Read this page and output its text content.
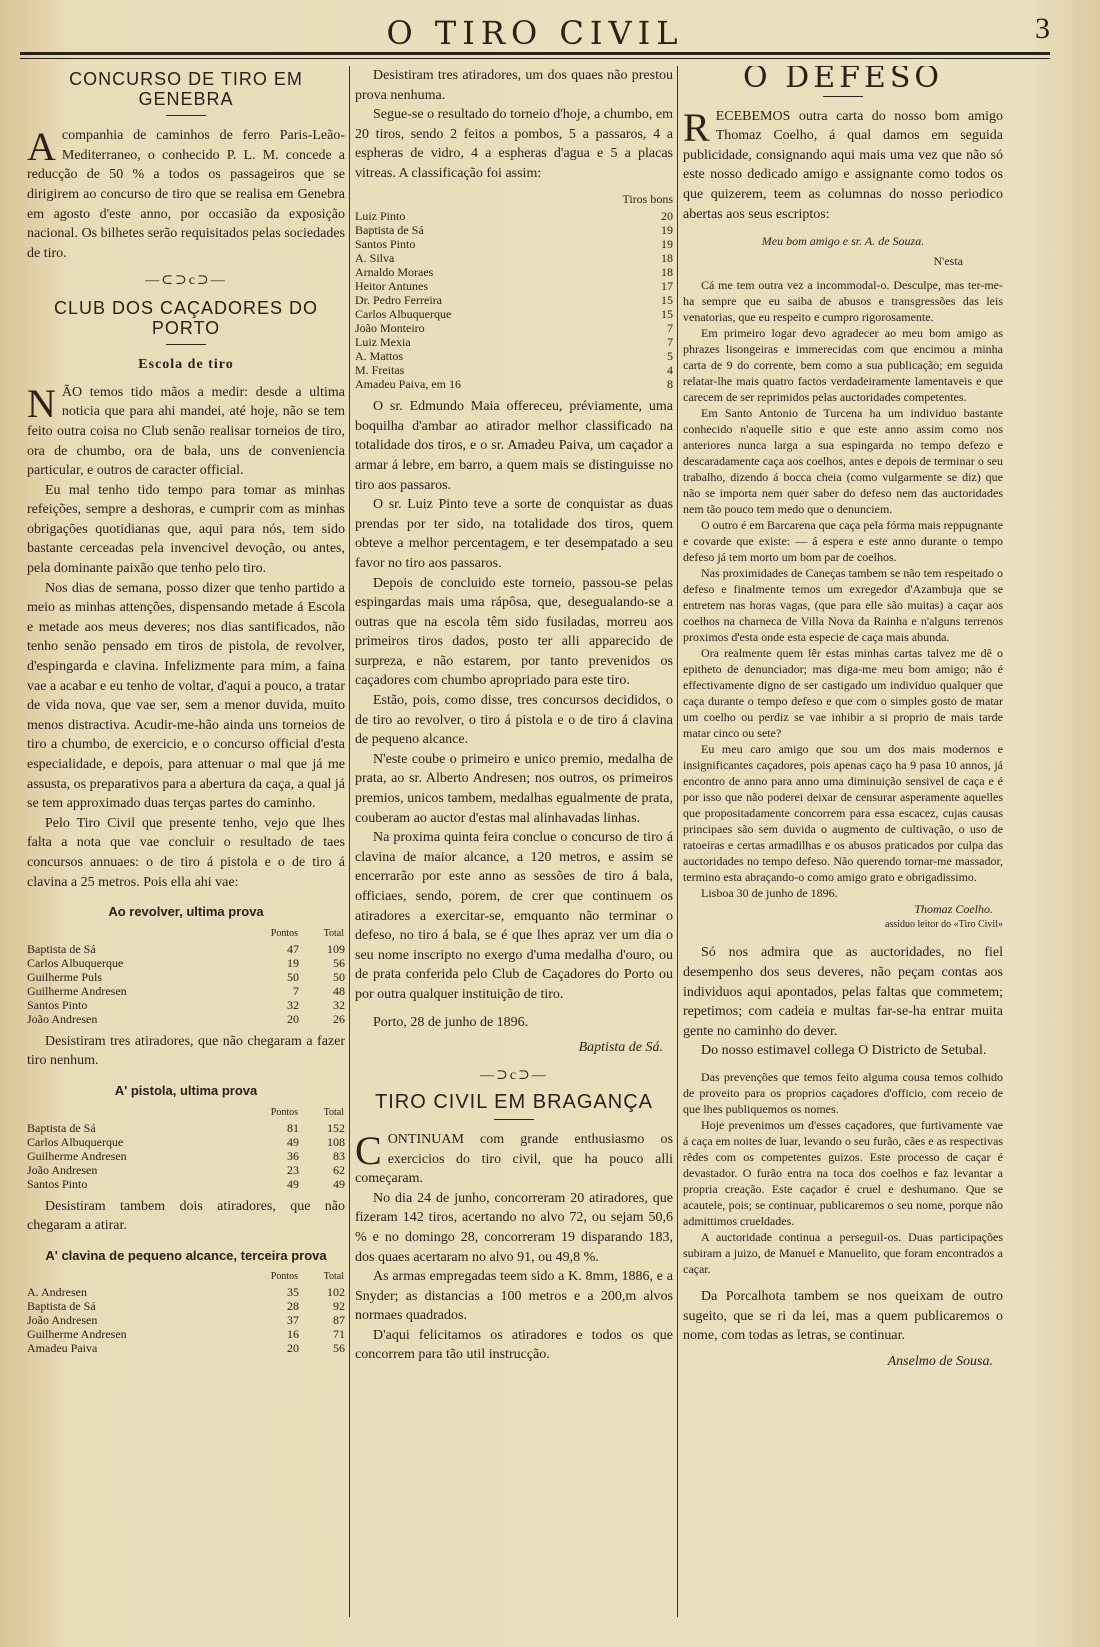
O TIRO CIVIL	3
CONCURSO DE TIRO EM GENEBRA

Acompanhia de caminhos de ferro Paris-Leão-Mediterraneo, o conhecido P. L. M. concede a reducção de 50 % a todos os passageiros que se dirigirem ao concurso de tiro que se realisa em Genebra em agosto d'este anno, por occasião da exposição nacional. Os bilhetes serão requisitados pelas sociedades de tiro.

—⊂⊃c⊃—
CLUB DOS CAÇADORES DO PORTO
Escola de tiro

NÃO temos tido mãos a medir: desde a ultima noticia que para ahi mandei, até hoje, não se tem feito outra coisa no Club senão realisar torneios de tiro, ora de chumbo, ora de bala, uns de conveniencia particular, e outros de caracter official.

Eu mal tenho tido tempo para tomar as minhas refeições, sempre a deshoras, e cumprir com as minhas obrigações quotidianas que, aqui para nós, tem sido bastante cerceadas pela invencivel devoção, ou antes, pela dominante paixão que tenho pelo tiro.

Nos dias de semana, posso dizer que tenho partido a meio as minhas attenções, dispensando metade á Escola e metade aos meus deveres; nos dias santificados, não tenho senão pensado em tiros de pistola, de revolver, d'espingarda e clavina. Infelizmente para mim, a faina vae a acabar e eu tenho de voltar, d'aqui a pouco, a tratar de vida nova, que vae ser, sem a menor duvida, muito menos distractiva. Acudir-me-hão ainda uns torneios de tiro a chumbo, de exercicio, e o concurso official d'esta especialidade, e depois, para attenuar o mal que já me assusta, os preparativos para a abertura da caça, a qual já se tem approximado duas terças partes do caminho.

Pelo Tiro Civil que presente tenho, vejo que lhes falta a nota que vae concluir o resultado de taes concursos annuaes: o de tiro á pistola e o de tiro á clavina a 25 metros. Pois ella ahi vae:

Ao revolver, ultima prova
	Pontos	Total
Baptista de Sá	47	109
Carlos Albuquerque	19	56
Guilherme Puls	50	50
Guilherme Andresen	7	48
Santos Pinto	32	32
João Andresen	20	26

Desistiram tres atiradores, que não chegaram a fazer tiro nenhum.

A' pistola, ultima prova
	Pontos	Total
Baptista de Sá	81	152
Carlos Albuquerque	49	108
Guilherme Andresen	36	83
João Andresen	23	62
Santos Pinto	49	49

Desistiram tambem dois atiradores, que não chegaram a atirar.

A' clavina de pequeno alcance, terceira prova
	Pontos	Total
A. Andresen	35	102
Baptista de Sá	28	92
João Andresen	37	87
Guilherme Andresen	16	71
Amadeu Paiva	20	56

Desistiram tres atiradores, um dos quaes não prestou prova nenhuma.

Segue-se o resultado do torneio d'hoje, a chumbo, em 20 tiros, sendo 2 feitos a pombos, 5 a passaros, 4 a espheras de vidro, 4 a espheras d'agua e 5 a placas vitreas. A classificação foi assim:

Tiros bons
Luiz Pinto	20
Baptista de Sá	19
Santos Pinto	19
A. Silva	18
Arnaldo Moraes	18
Heitor Antunes	17
Dr. Pedro Ferreira	15
Carlos Albuquerque	15
João Monteiro	7
Luiz Mexia	7
A. Mattos	5
M. Freitas	4
Amadeu Paiva, em 16	8

O sr. Edmundo Maia offereceu, préviamente, uma boquilha d'ambar ao atirador melhor classificado na totalidade dos tiros, e o sr. Amadeu Paiva, um caçador a armar á lebre, em barro, a quem mais se distinguisse no tiro aos passaros.

O sr. Luiz Pinto teve a sorte de conquistar as duas prendas por ter sido, na totalidade dos tiros, quem obteve a melhor percentagem, e ter desempatado a seu favor no tiro aos passaros.

Depois de concluido este torneio, passou-se pelas espingardas mais uma rápôsa, que, desegualando-se a outras que na escola têm sido fusiladas, morreu aos primeiros tiros dados, posto ter alli apparecido de surpreza, e não estarem, por tanto prevenidos os caçadores com chumbo apropriado para este tiro.

Estão, pois, como disse, tres concursos decididos, o de tiro ao revolver, o tiro á pistola e o de tiro á clavina de pequeno alcance.

N'este coube o primeiro e unico premio, medalha de prata, ao sr. Alberto Andresen; nos outros, os primeiros premios, unicos tambem, medalhas egualmente de prata, couberam ao auctor d'estas mal alinhavadas linhas.

Na proxima quinta feira conclue o concurso de tiro á clavina de maior alcance, a 120 metros, e assim se encerrarão por este anno as sessões de tiro á bala, officiaes, sendo, porem, de crer que continuem os atiradores a exercitar-se, emquanto não terminar o defeso, no tiro á bala, se é que lhes apraz ver um dia o seu nome inscripto no exergo d'uma medalha d'ouro, ou de prata conferida pelo Club de Caçadores do Porto ou por outra qualquer instituição de tiro.

Porto, 28 de junho de 1896.

Baptista de Sá.
—⊃c⊃—
TIRO CIVIL EM BRAGANÇA

CONTINUAM com grande enthusiasmo os exercicios do tiro civil, que ha pouco alli começaram.

No dia 24 de junho, concorreram 20 atiradores, que fizeram 142 tiros, acertando no alvo 72, ou sejam 50,6 % e no domingo 28, concorreram 19 disparando 183, dos quaes acertaram no alvo 91, ou 49,8 %.

As armas empregadas teem sido a K. 8mm, 1886, e a Snyder; as distancias a 100 metros e a 200,m alvos normaes quadrados.

D'aqui felicitamos os atiradores e todos os que concorrem para tão util instrucção.

O DEFESO

RECEBEMOS outra carta do nosso bom amigo Thomaz Coelho, á qual damos em seguida publicidade, consignando aqui mais uma vez que não só este nosso dedicado amigo e assignante como todos os que quizerem, teem as columnas do nosso periodico abertas aos seus escriptos:

Meu bom amigo e sr. A. de Souza.
N'esta

Cá me tem outra vez a incommodal-o. Desculpe, mas ter-me-ha sempre que eu saiba de abusos e transgressões das leis venatorias, que eu respeito e cumpro rigorosamente.

Em primeiro logar devo agradecer ao meu bom amigo as phrazes lisongeiras e immerecidas com que encimou a minha carta de 9 do corrente, bem como a sua publicação; em seguida relatar-lhe mais quatro factos verdadeiramente lamentaveis e que carecem de ser reprimidos pelas auctoridades competentes.

Em Santo Antonio de Turcena ha um individuo bastante conhecido n'aquelle sitio e que este anno assim como nos anteriores nunca larga a sua espingarda no tempo defezo e descaradamente caça aos coelhos, antes e depois de terminar o seu trabalho, dizendo á bocca cheia (como vulgarmente se diz) que não se importa nem quer saber do defeso nem das auctoridades nem tão pouco tem medo que o denunciem.

O outro é em Barcarena que caça pela fórma mais reppugnante e covarde que existe: — á espera e este anno durante o tempo defeso já tem morto um bom par de coelhos.

Nas proximidades de Caneças tambem se não tem respeitado o defeso e finalmente temos um exregedor d'Azambuja que se entretem nas horas vagas, (que para elle são muitas) a caçar aos coelhos na charneca de Villa Nova da Rainha e n'alguns terrenos proximos d'esta onde esta especie de caça mais abunda.

Ora realmente quem lêr estas minhas cartas talvez me dê o epitheto de denunciador; mas diga-me meu bom amigo; não é effectivamente digno de ser castigado um individuo qualquer que caça durante o tempo defeso e que com o simples gosto de matar um coelho ou perdiz se vae inhibir a si proprio de mais tarde matar cinco ou sete?

Eu meu caro amigo que sou um dos mais modernos e insignificantes caçadores, pois apenas caço ha 9 pasa 10 annos, já encontro de anno para anno uma diminuição sensivel de caça e é por isso que não poderei deixar de censurar asperamente aquelles que propositadamente concorrem para essa escacez, cujas causas principaes são sem duvida o augmento de cultivação, o uso de ratoeiras e certas armadilhas e os abusos praticados por culpa das auctoridades no tempo defeso. Não querendo tornar-me massador, termino esta abraçando-o como amigo grato e obrigadissimo.

Lisboa 30 de junho de 1896.

Thomaz Coelho.
assiduo leitor do «Tiro Civil»

Só nos admira que as auctoridades, no fiel desempenho dos seus deveres, não peçam contas aos individuos aqui apontados, pelas faltas que commetem; repetimos; com cadeia e multas far-se-ha entrar muita gente no caminho do dever.

Do nosso estimavel collega O Districto de Setubal.

Das prevenções que temos feito alguma cousa temos colhido de proveito para os proprios caçadores d'officio, com receio de que lhes publiquemos os nomes.

Hoje prevenimos um d'esses caçadores, que furtivamente vae á caça em noites de luar, levando o seu furão, cães e as respectivas rêdes com os competentes guizos. Este processo de caçar é devastador. O furão entra na toca dos coelhos e faz levantar a propria creação. Este caçador é cruel e deshumano. Que se acautele, pois; se continuar, publicaremos o seu nome, porque não admittimos crueldades.

A auctoridade continua a perseguil-os. Duas participações subiram a juizo, de Manuel e Manuelito, que foram encontrados a caçar.

Da Porcalhota tambem se nos queixam de outro sugeito, que se ri da lei, mas a quem publicaremos o nome, com todas as letras, se continuar.

Anselmo de Sousa.
